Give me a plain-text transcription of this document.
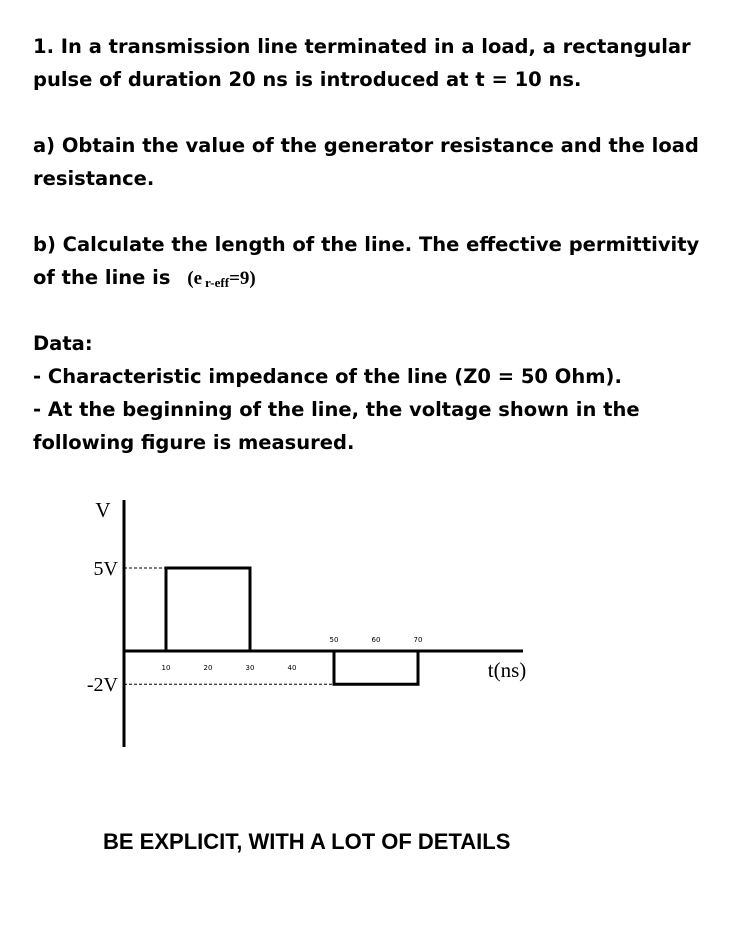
1. In a transmission line terminated in a load, a rectangular
pulse of duration 20 ns is introduced at t = 10 ns.
a) Obtain the value of the generator resistance and the load
resistance.
b) Calculate the length of the line. The effective permittivity
of the line is (e r-eff=9)
Data:
- Characteristic impedance of the line (Z0 = 50 Ohm).
- At the beginning of the line, the voltage shown in the
following figure is measured.
V
t(ns)
5V
-2V
10	20	30	40
50	60	70
BE EXPLICIT, WITH A LOT OF DETAILS
